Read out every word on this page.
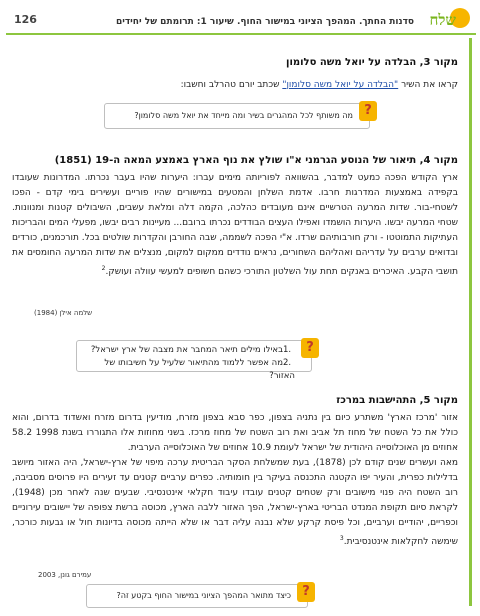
126	סדנות החתך. המהפך הציוני במישור החוף. שיעור 1: תרומתם של יחידים שלח

מקור 3, הבלדה על יואל משה סלומון

קראו את השיר "הבלדה על יואל משה סלומון" שכתב יורם טהרלב וחשבו:

?
מה משותף לכל המהגרים בשיר ומה מייחד את יואל משה סלומון?

מקור 4, תיאור של הנוסע הגרמני א"ו שולץ את נוף הארץ באמצע המאה ה-19 (1851)

ארץ הקודש הפכה כמעט למדבר, בהשוואה לפוריותה מימים עברו: היערות שהיו בעבר נכרתו. המדרונות שעובדו בקפידה באמצעות המדרגות חרבו. אדמת השלחן והמטעים במישורים שהיו פוריים ועשירים בימי קדם - הפכו לשטחי-בור. שדות המרעה הטרשיים אינם מעובדים כהלכה, הקמה דלה ומלאת עשבים, השיבולים קטנות ומנוונות. שטחי המרעה יבשו. היערות הושמדו ואפילו העצים הבודדים נכרתו ברובם... מעיינות רבים יבשו, מפעלי המים והבריכות העתיקות התמוטטו - ורק חורבותיהם שרדו. א"י הפכה לשממה, שבה החורבן והקדרות שולטים בכל. תורכמנים, כורדים ובדואים ערבים על עדריהם ואהליהם השחורים, נראים נודדים ממקום למקום, מנצלים את שדות המרעה החומסים את תושבי הקבע. האיכרים באנקים תחת עול השלטון התורכי כשהם חשופים למעשי עוולה ועושק.$^2$

שלמה אילן (1984)
?
1.באילו מילים תיאר המחבר את מצבה של ארץ ישראל?
2.מה אפשר ללמוד מהתיאור שלעיל על חשיבותו של האזור?

מקור 5, התהישבות במרכז

אזור 'מרכז הארץ' משתרע כיום בין נתניה בצפון, כפר סבא בצפון מזרח, מודיעין בדרום מזרח ואשדוד בדרום, והוא כולל את כל השטח של מחוז תל אביב ואת רוב השטח של מחוז מרכז. בשני מחוזות אלו התגוררו בשנת 1998 58.2 אחוזים מן האוכלוסייה היהודית של ישראל לעומת 10.9 אחוזים של האוכלוסייה הערבית.

מאה ועשרים שנים קודם לכן (1878), בעת שמשלחת הסקר הבריטית ערכה מיפוי של ארץ-ישראל, היה האזור מיושב בדלילות כפרית, והעיר יפו הקטנה התכנסה בעיקר בין חומותיה. כפרים ערביים קטנים עד זעירים היו פרוסים מסביבה, רוב השטח היה פנוי מישובים ורק שטחים קטנים עובדו עיבוד חקלאי אינטנסיבי. שבעים שנה לאחר מכן (1948), לקראת סיום תקופת המנדט הבריטי בארץ-ישראל, הפך האזור ללבה הארץ, מכוסה ברשת צפופה של יישובים עירוניים וכפריים, יהודיים וערביים, וכל פיסת קרקע שלא נבנה עליה דבר או שלא הייתה מכוסה בדיונות חול או גבעות כורכר, שימשה לחקלאות אינטנסיבית.$^3$

עמירם גונן, 2003
?
כיצד מתואר המהפך הציוני במישור החוף בקטע זה?
